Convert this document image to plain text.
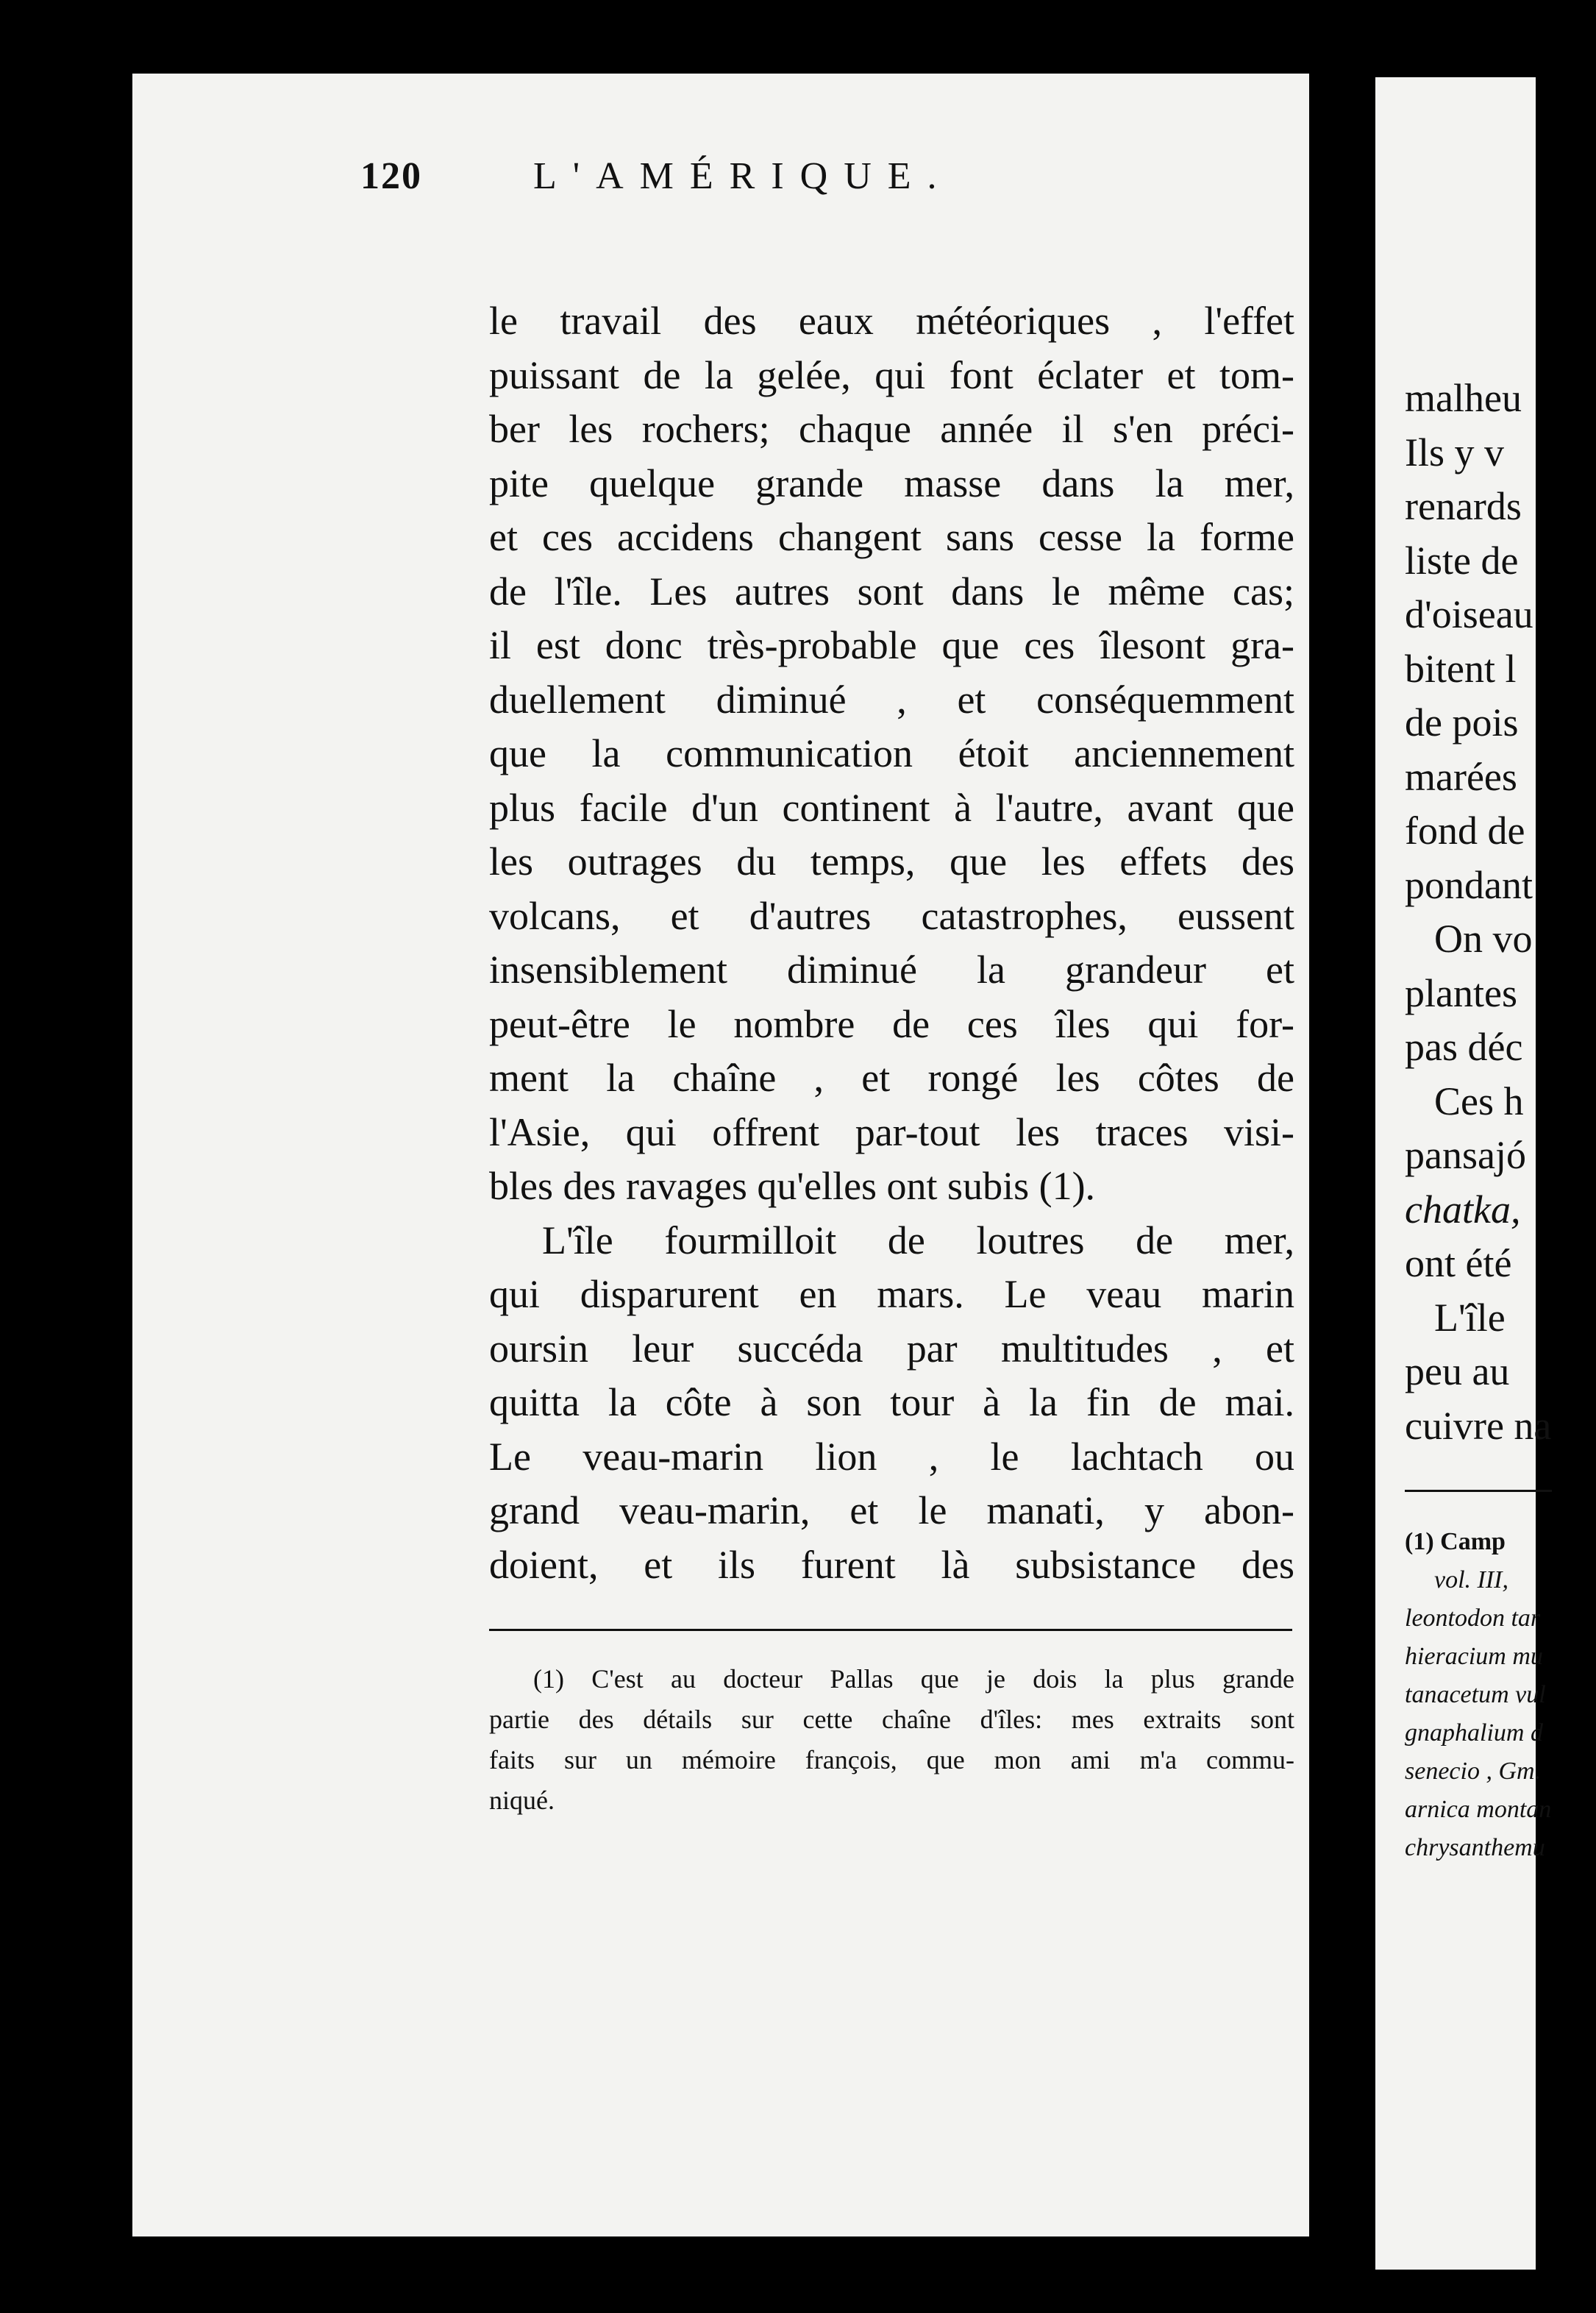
120	L'AMÉRIQUE.
le travail des eaux météoriques , l'effet
puissant de la gelée, qui font éclater et tom-
ber les rochers; chaque année il s'en préci-
pite quelque grande masse dans la mer,
et ces accidens changent sans cesse la forme
de l'île. Les autres sont dans le même cas;
il est donc très-probable que ces îlesont gra-
duellement diminué , et conséquemment
que la communication étoit anciennement
plus facile d'un continent à l'autre, avant que
les outrages du temps, que les effets des
volcans, et d'autres catastrophes, eussent
insensiblement diminué la grandeur et
peut-être le nombre de ces îles qui for-
ment la chaîne , et rongé les côtes de
l'Asie, qui offrent par-tout les traces visi-
bles des ravages qu'elles ont subis (1).
L'île fourmilloit de loutres de mer,
qui disparurent en mars. Le veau marin
oursin leur succéda par multitudes , et
quitta la côte à son tour à la fin de mai.
Le veau-marin lion , le lachtach ou
grand veau-marin, et le manati, y abon-
doient, et ils furent là subsistance des
(1) C'est au docteur Pallas que je dois la plus grande
partie des détails sur cette chaîne d'îles: mes extraits sont
faits sur un mémoire françois, que mon ami m'a commu-
niqué.
malheu
Ils y v
renards
liste de
d'oiseau
bitent l
de pois
marées
fond de
pondant
On vo
plantes
pas déc
Ces h
pansajó
chatka,
ont été
L'île
peu au
cuivre na
(1) Camp
vol. III,
leontodon tar
hieracium mu
tanacetum vul
gnaphalium d
senecio , Gm.
arnica montan
chrysanthemu
